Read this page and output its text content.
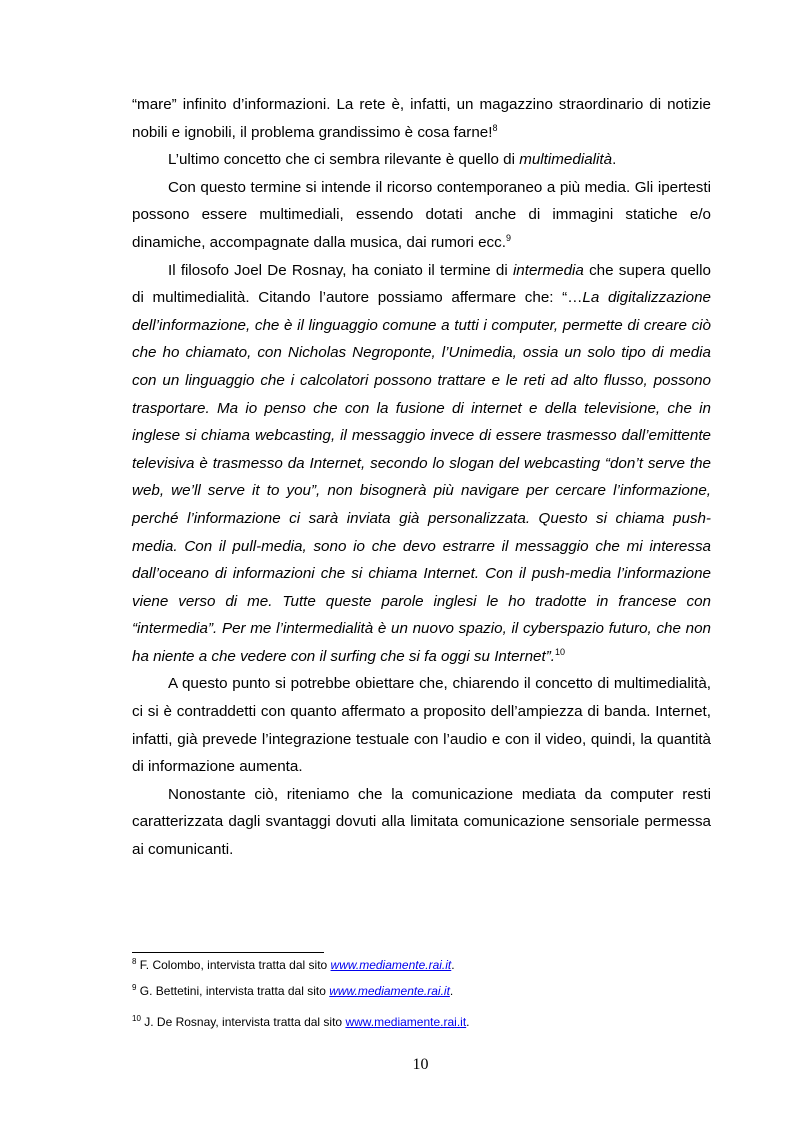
“mare” infinito d’informazioni. La rete è, infatti, un magazzino straordinario di notizie nobili e ignobili, il problema grandissimo è cosa farne!$^8$

L’ultimo concetto che ci sembra rilevante è quello di multimedialità.

Con questo termine si intende il ricorso contemporaneo a più media. Gli ipertesti possono essere multimediali, essendo dotati anche di immagini statiche e/o dinamiche, accompagnate dalla musica, dai rumori ecc.$^9$

Il filosofo Joel De Rosnay, ha coniato il termine di intermedia che supera quello di multimedialità. Citando l’autore possiamo affermare che: “…La digitalizzazione dell’informazione, che è il linguaggio comune a tutti i computer, permette di creare ciò che ho chiamato, con Nicholas Negroponte, l’Unimedia, ossia un solo tipo di media con un linguaggio che i calcolatori possono trattare e le reti ad alto flusso, possono trasportare. Ma io penso che con la fusione di internet e della televisione, che in inglese si chiama webcasting, il messaggio invece di essere trasmesso dall’emittente televisiva è trasmesso da Internet, secondo lo slogan del webcasting “don’t serve the web, we’ll serve it to you”, non bisognerà più navigare per cercare l’informazione, perché l’informazione ci sarà inviata già personalizzata. Questo si chiama push-media. Con il pull-media, sono io che devo estrarre il messaggio che mi interessa dall’oceano di informazioni che si chiama Internet. Con il push-media l’informazione viene verso di me. Tutte queste parole inglesi le ho tradotte in francese con “intermedia”. Per me l’intermedialità è un nuovo spazio, il cyberspazio futuro, che non ha niente a che vedere con il surfing che si fa oggi su Internet”.$^{10}$

A questo punto si potrebbe obiettare che, chiarendo il concetto di multimedialità, ci si è contraddetti con quanto affermato a proposito dell’ampiezza di banda. Internet, infatti, già prevede l’integrazione testuale con l’audio e con il video, quindi, la quantità di informazione aumenta.

Nonostante ciò, riteniamo che la comunicazione mediata da computer resti caratterizzata dagli svantaggi dovuti alla limitata comunicazione sensoriale permessa ai comunicanti.

$^8$ F. Colombo, intervista tratta dal sito www.mediamente.rai.it.

$^9$ G. Bettetini, intervista tratta dal sito www.mediamente.rai.it.

$^{10}$ J. De Rosnay, intervista tratta dal sito www.mediamente.rai.it.

10
